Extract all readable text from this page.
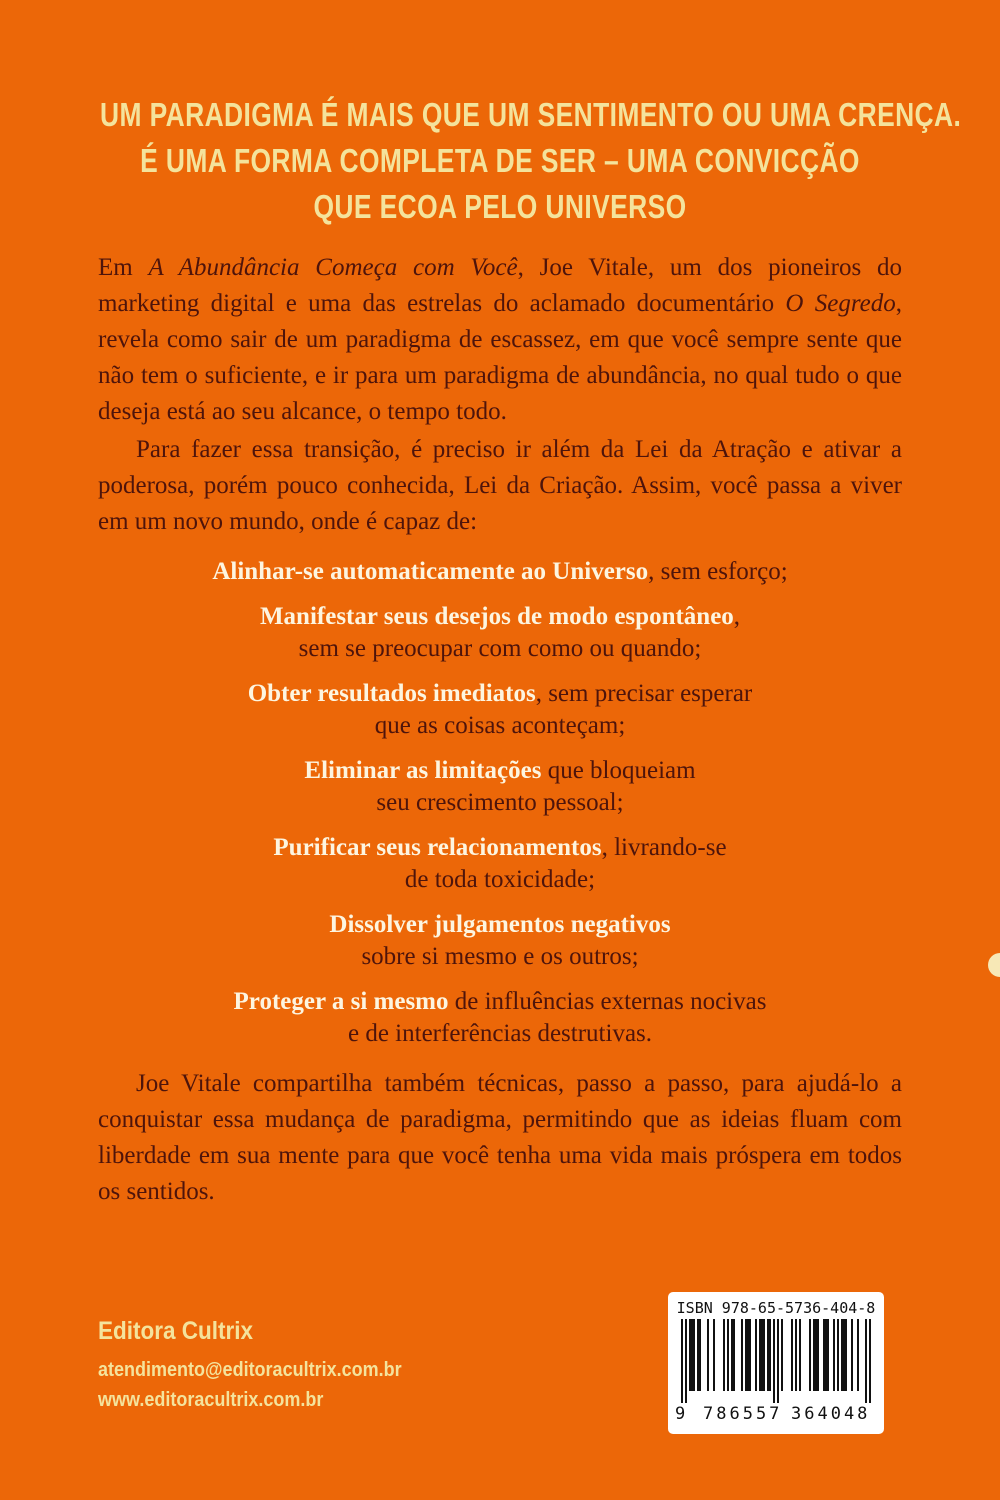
UM PARADIGMA É MAIS QUE UM SENTIMENTO OU UMA CRENÇA.
É UMA FORMA COMPLETA DE SER – UMA CONVICÇÃO
QUE ECOA PELO UNIVERSO

Em A Abundância Começa com Você, Joe Vitale, um dos pioneiros do marketing digital e uma das estrelas do aclamado documentário O Segredo, revela como sair de um paradigma de escassez, em que você sempre sente que não tem o suficiente, e ir para um paradigma de abundância, no qual tudo o que deseja está ao seu alcance, o tempo todo.

Para fazer essa transição, é preciso ir além da Lei da Atração e ativar a poderosa, porém pouco conhecida, Lei da Criação. Assim, você passa a viver em um novo mundo, onde é capaz de:

Alinhar-se automaticamente ao Universo, sem esforço;
Manifestar seus desejos de modo espontâneo,
sem se preocupar com como ou quando;
Obter resultados imediatos, sem precisar esperar
que as coisas aconteçam;
Eliminar as limitações que bloqueiam
seu crescimento pessoal;
Purificar seus relacionamentos, livrando-se
de toda toxicidade;
Dissolver julgamentos negativos
sobre si mesmo e os outros;
Proteger a si mesmo de influências externas nocivas
e de interferências destrutivas.

Joe Vitale compartilha também técnicas, passo a passo, para ajudá-lo a conquistar essa mudança de paradigma, permitindo que as ideias fluam com liberdade em sua mente para que você tenha uma vida mais próspera em todos os sentidos.

Editora Cultrix
atendimento@editoracultrix.com.br
www.editoracultrix.com.br
ISBN 978-65-5736-404-8
9 786557 364048
